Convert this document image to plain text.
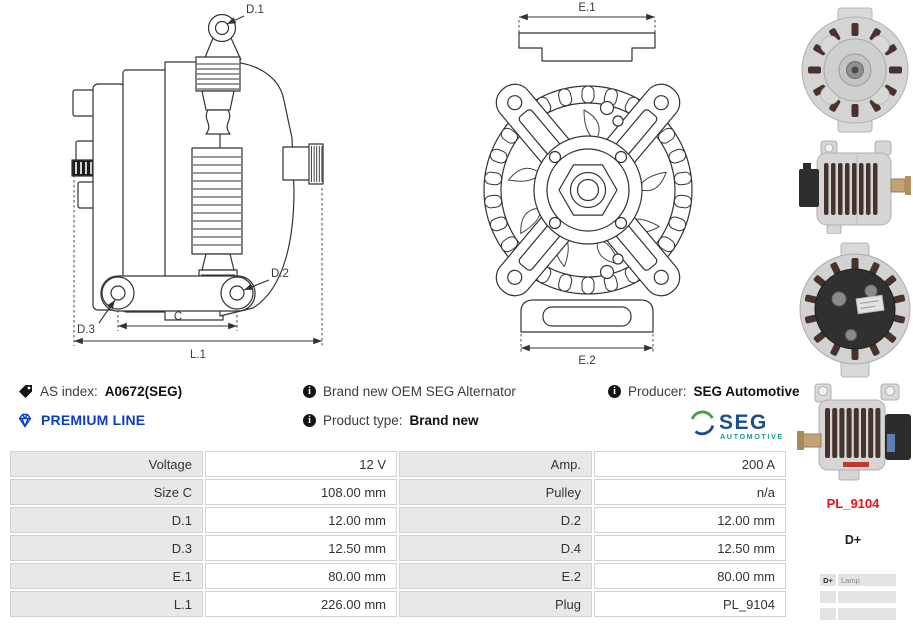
D.1
D.2
D.3
C
L.1
E.1
E.2
PL_9104
D+
D+	Lamp

AS index: A0672(SEG) i	Brand new OEM SEG Alternator i	Producer: SEG Automotive
PREMIUM LINE i	Product type: Brand new	SEG
AUTOMOTIVE
Voltage	12 V	Amp.	200 A
Size C	108.00 mm	Pulley	n/a
D.1	12.00 mm	D.2	12.00 mm
D.3	12.50 mm	D.4	12.50 mm
E.1	80.00 mm	E.2	80.00 mm
L.1	226.00 mm	Plug	PL_9104
